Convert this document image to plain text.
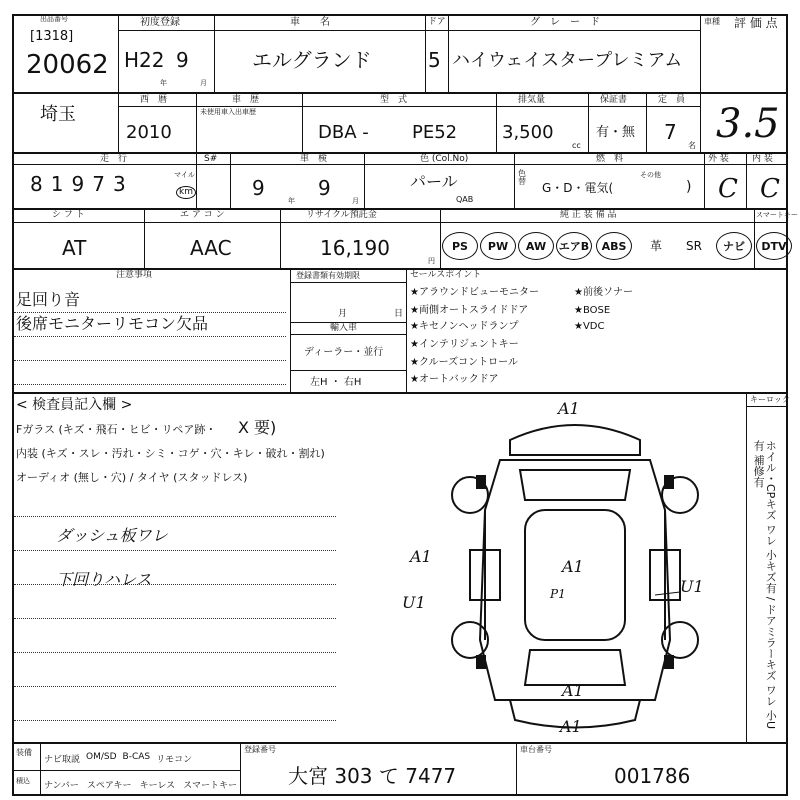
出品番号
[1318]
20062
初度登録
H22 9
年	月
車　　名
エルグランド
ドア
5
グ　レ　ー　ド
ハイウェイスタープレミアム
車種 評 価 点
埼玉
西　暦
2010
車　歴
未使用車入出車歴
型　式
DBA - PE52
排気量
3,500
cc
保証書
有・無
定　員
7
名 3.5
走　行
8 1 9 7 3	マイル
km
S#	車　検
9	9
年	月
色 (Col.No)
パール
QAB
色替
燃　料
G・D・電気(
その他
)
外 装
C
内 装
C
シ フ ト
AT
エ ア コ ン
AAC
リサイクル預託金
16,190
円
純 正 装 備 品	スマートキー
PS	PW	AW	エアB	ABS	革 SR	ナビ	DTV
注意事項
足回り音
後席モニターリモコン欠品
登録書類有効期限
月	日
輸入車
ディーラー・並行
左H ・ 右H
セールスポイント
★アラウンドビューモニター
★両側オートスライドドア
★キセノンヘッドランプ
★インテリジェントキー
★クルーズコントロール
★オートバックドア
★前後ソナー
★BOSE
★VDC
< 検査員記入欄 >
Fガラス (キズ・飛石・ヒビ・リペア跡・ X 要)
内装 (キズ・スレ・汚れ・シミ・コゲ・穴・キレ・破れ・割れ)
オーディオ (無し・穴) / タイヤ (スタッドレス)
ダッシュ板ワレ
下回りハレス
キーロック
ホイル・CPキズ ワレ 小キズ有 / ドアミラーキズ ワレ 小U有 補修有
A1
A1
A1
U1
U1
A1
A1
P1
装備
積込
ナビ取説 OM/SD B-CAS リモコン
ナンバー スペアキー キーレス スマートキー
登録番号
大宮 303 て 7477
車台番号
001786
